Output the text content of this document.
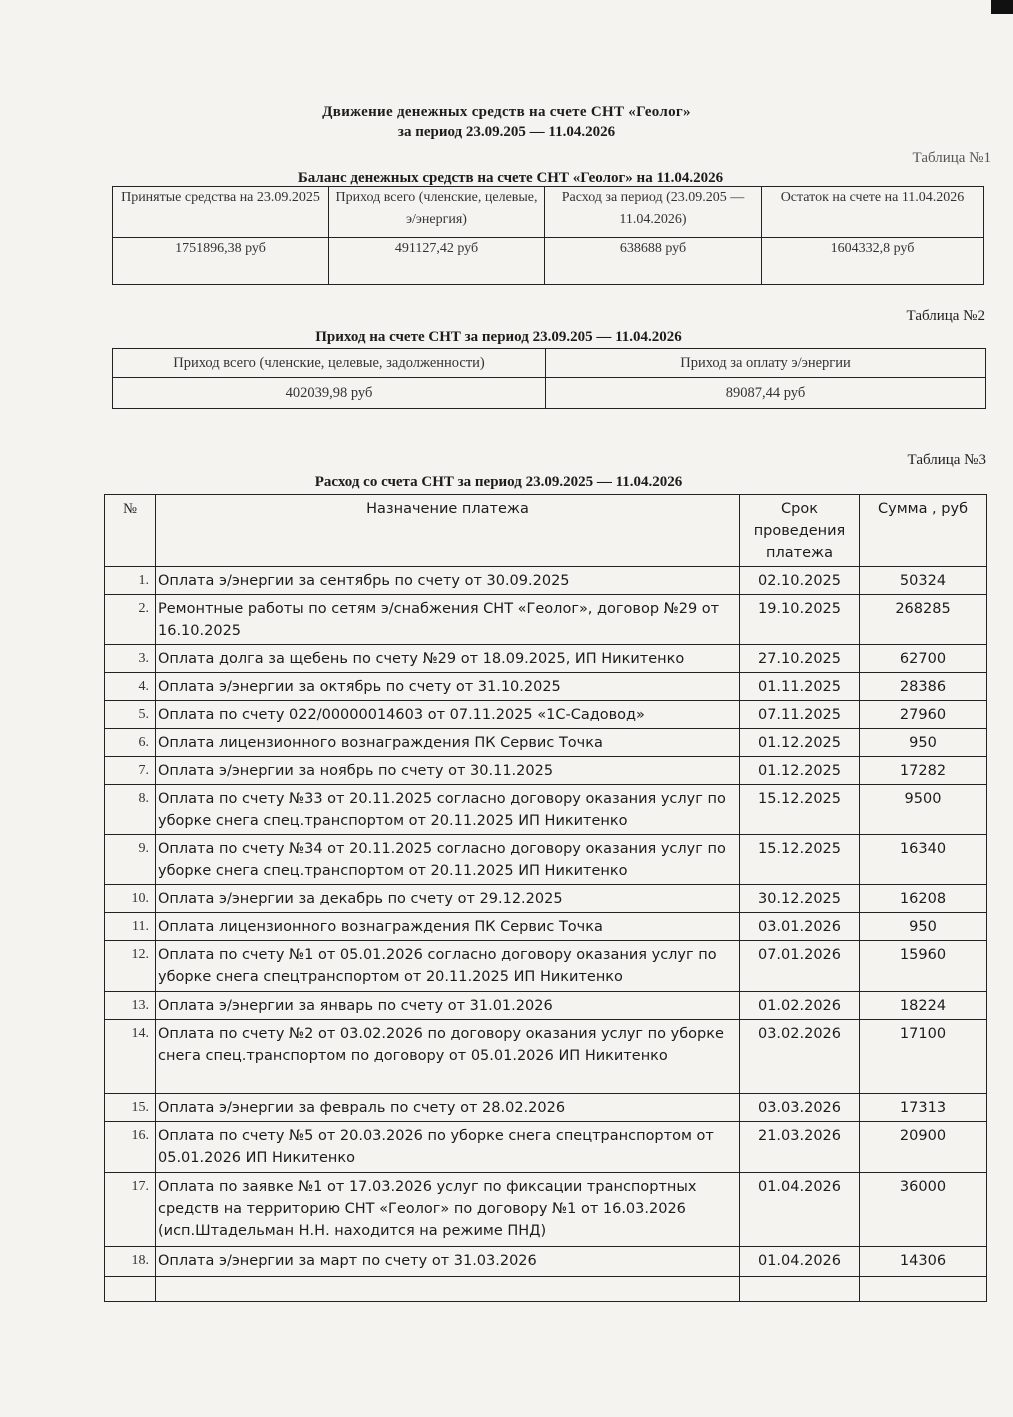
Движение денежных средств на счете СНТ «Геолог»
за период 23.09.205 — 11.04.2026
Таблица №1
Баланс денежных средств на счете СНТ «Геолог» на 11.04.2026
Принятые средства на 23.09.2025	Приход всего (членские, целевые, э/энергия)	Расход за период (23.09.205 — 11.04.2026)	Остаток на счете на 11.04.2026
1751896,38 руб	491127,42 руб	638688 руб	1604332,8 руб
Таблица №2
Приход на счете СНТ за период 23.09.205 — 11.04.2026
Приход всего (членские, целевые, задолженности)	Приход за оплату э/энергии
402039,98 руб	89087,44 руб
Таблица №3
Расход со счета СНТ за период 23.09.2025 — 11.04.2026
№	Назначение платежа	Срок проведения платежа	Сумма , руб
1.	Оплата э/энергии за сентябрь по счету от 30.09.2025	02.10.2025	50324
2.	Ремонтные работы по сетям э/снабжения СНТ «Геолог», договор №29 от 16.10.2025	19.10.2025	268285
3.	Оплата долга за щебень по счету №29 от 18.09.2025, ИП Никитенко	27.10.2025	62700
4.	Оплата э/энергии за октябрь по счету от 31.10.2025	01.11.2025	28386
5.	Оплата по счету 022/00000014603 от 07.11.2025 «1С-Садовод»	07.11.2025	27960
6.	Оплата лицензионного вознаграждения ПК Сервис Точка	01.12.2025	950
7.	Оплата э/энергии за ноябрь по счету от 30.11.2025	01.12.2025	17282
8.	Оплата по счету №33 от 20.11.2025 согласно договору оказания услуг по уборке снега спец.транспортом от 20.11.2025 ИП Никитенко	15.12.2025	9500
9.	Оплата по счету №34 от 20.11.2025 согласно договору оказания услуг по уборке снега спец.транспортом от 20.11.2025 ИП Никитенко	15.12.2025	16340
10.	Оплата э/энергии за декабрь по счету от 29.12.2025	30.12.2025	16208
11.	Оплата лицензионного вознаграждения ПК Сервис Точка	03.01.2026	950
12.	Оплата по счету №1 от 05.01.2026 согласно договору оказания услуг по уборке снега спецтранспортом от 20.11.2025 ИП Никитенко	07.01.2026	15960
13.	Оплата э/энергии за январь по счету от 31.01.2026	01.02.2026	18224
14.	Оплата по счету №2 от 03.02.2026 по договору оказания услуг по уборке снега спец.транспортом по договору от 05.01.2026 ИП Никитенко	03.02.2026	17100
15.	Оплата э/энергии за февраль по счету от 28.02.2026	03.03.2026	17313
16.	Оплата по счету №5 от 20.03.2026 по уборке снега спецтранспортом от 05.01.2026 ИП Никитенко	21.03.2026	20900
17.	Оплата по заявке №1 от 17.03.2026 услуг по фиксации транспортных средств на территорию СНТ «Геолог» по договору №1 от 16.03.2026 (исп.Штадельман Н.Н. находится на режиме ПНД)	01.04.2026	36000
18.	Оплата э/энергии за март по счету от 31.03.2026	01.04.2026	14306
